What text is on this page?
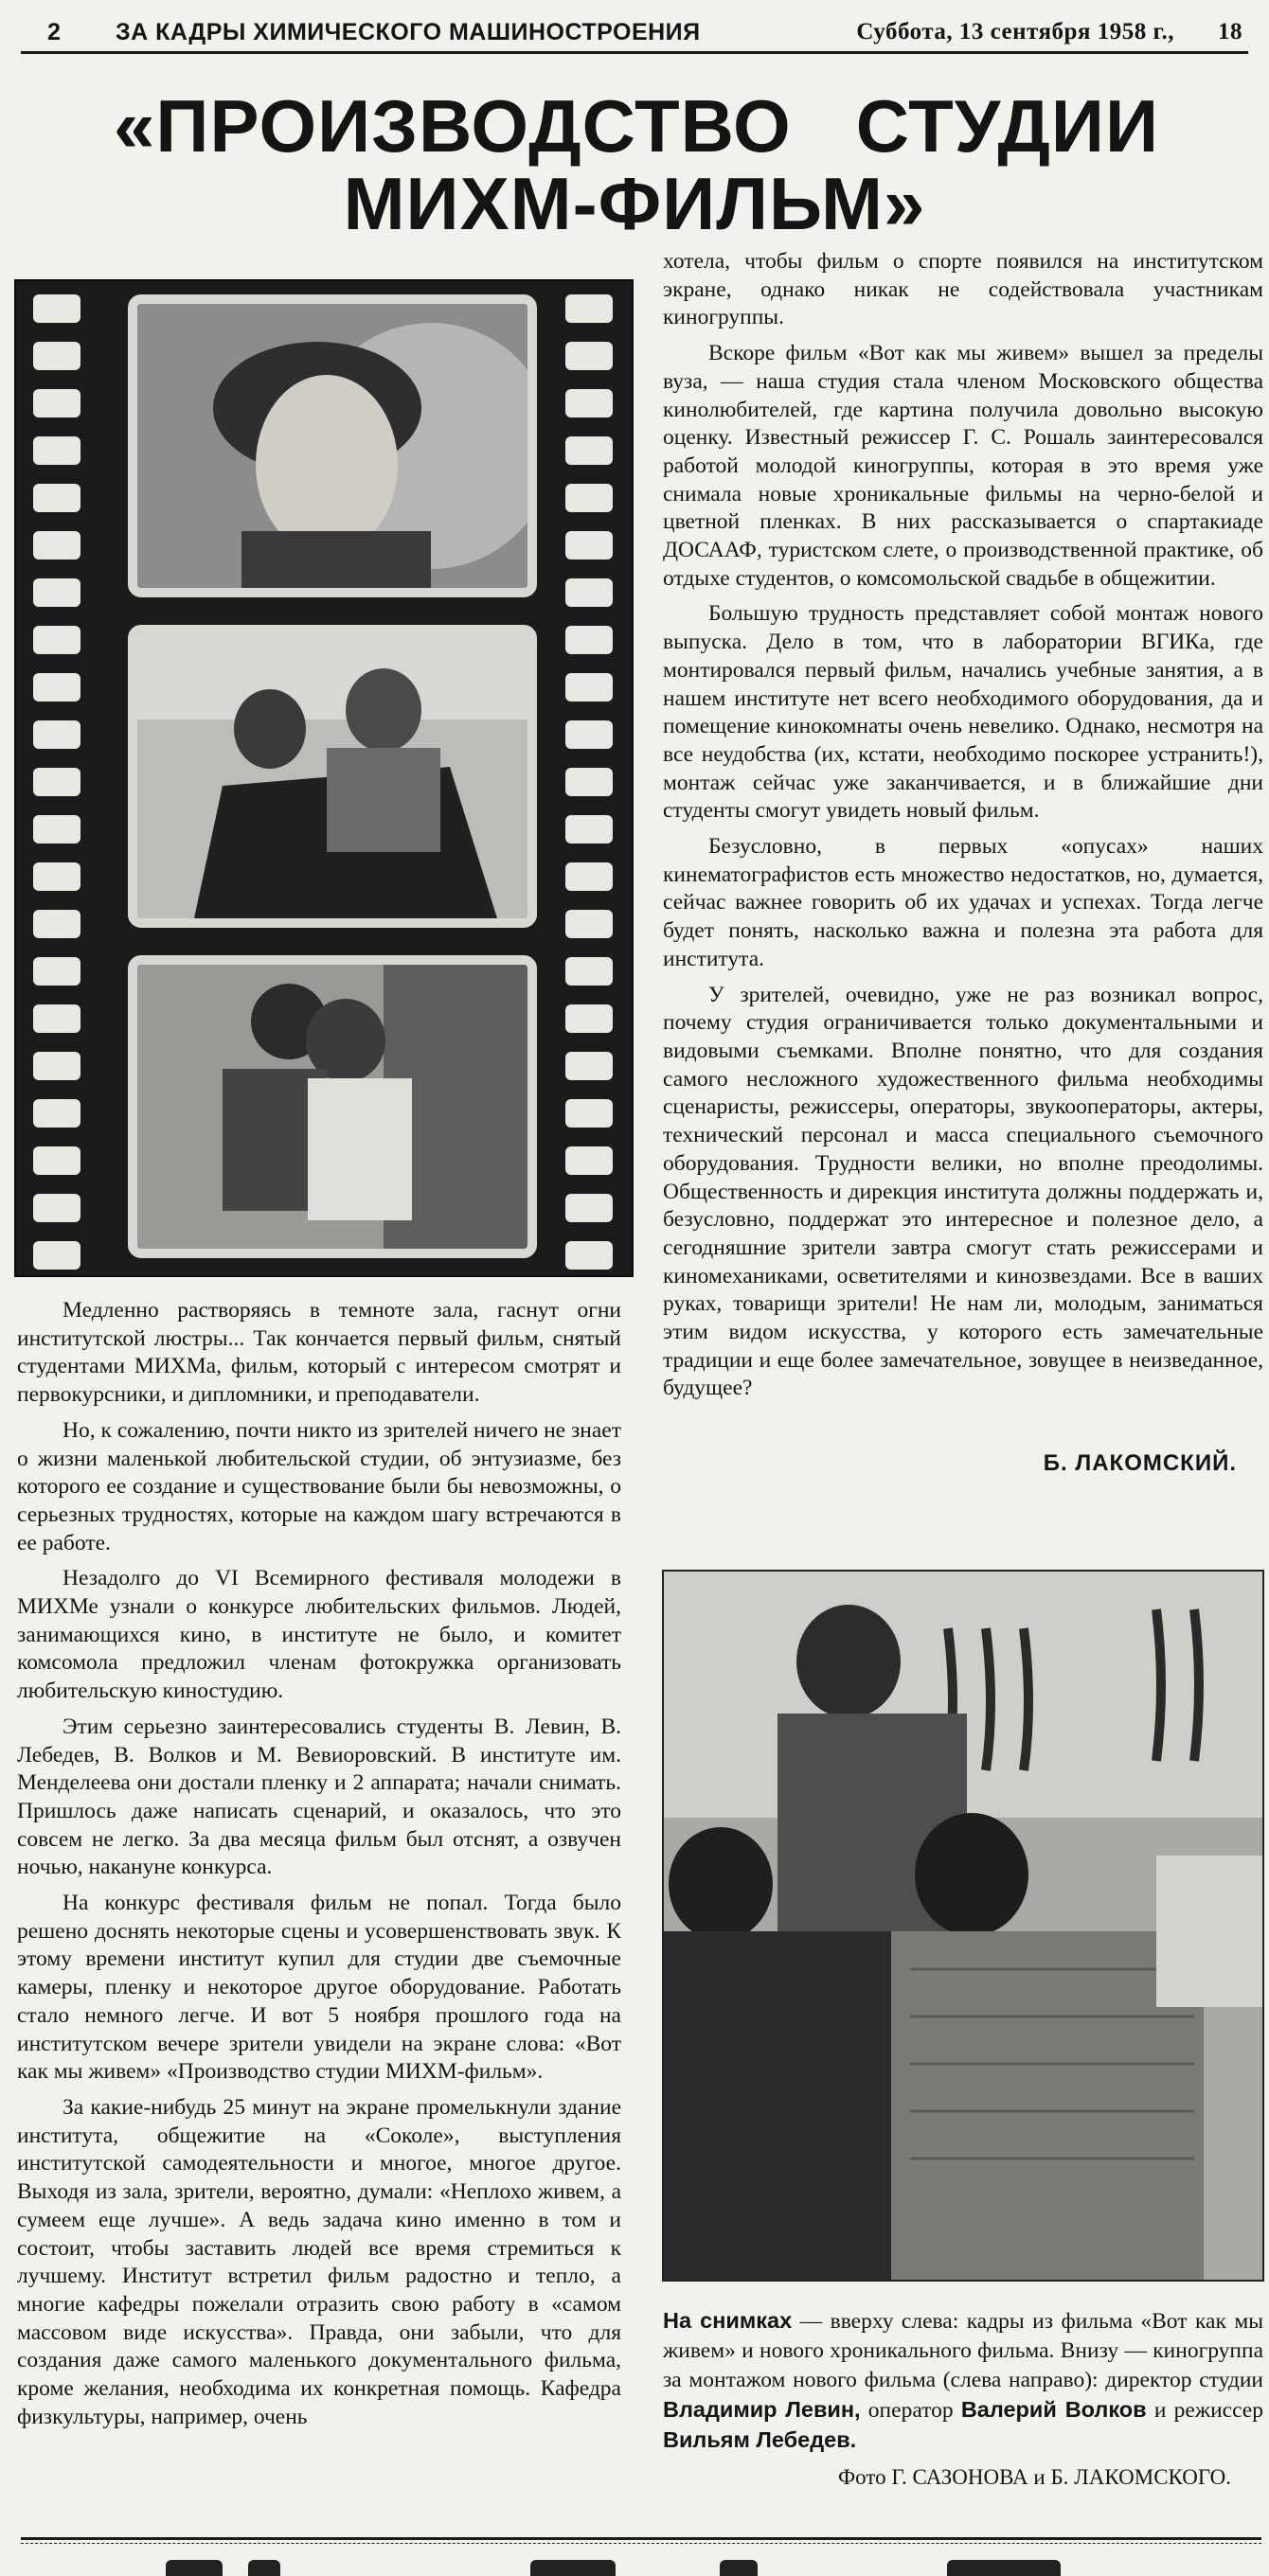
2 ЗА КАДРЫ ХИМИЧЕСКОГО МАШИНОСТРОЕНИЯ	Суббота, 13 сентября 1958 г., 18
«ПРОИЗВОДСТВО   СТУДИИ
МИХМ-ФИЛЬМ»

Медленно растворяясь в темноте зала, гаснут огни институтской люстры... Так кончается первый фильм, снятый студентами МИХМа, фильм, который с интересом смотрят и первокурсники, и дипломники, и преподаватели.

Но, к сожалению, почти никто из зрителей ничего не знает о жизни маленькой любительской студии, об энтузиазме, без которого ее создание и существование были бы невозможны, о серьезных трудностях, которые на каждом шагу встречаются в ее работе.

Незадолго до VI Всемирного фестиваля молодежи в МИХМе узнали о конкурсе любительских фильмов. Людей, занимающихся кино, в институте не было, и комитет комсомола предложил членам фотокружка организовать любительскую киностудию.

Этим серьезно заинтересовались студенты В. Левин, В. Лебедев, В. Волков и М. Вевиоровский. В институте им. Менделеева они достали пленку и 2 аппарата; начали снимать. Пришлось даже написать сценарий, и оказалось, что это совсем не легко. За два месяца фильм был отснят, а озвучен ночью, накануне конкурса.

На конкурс фестиваля фильм не попал. Тогда было решено доснять некоторые сцены и усовершенствовать звук. К этому времени институт купил для студии две съемочные камеры, пленку и некоторое другое оборудование. Работать стало немного легче. И вот 5 ноября прошлого года на институтском вечере зрители увидели на экране слова: «Вот как мы живем» «Производство студии МИХМ-фильм».

За какие-нибудь 25 минут на экране промелькнули здание института, общежитие на «Соколе», выступления институтской самодеятельности и многое, многое другое. Выходя из зала, зрители, вероятно, думали: «Неплохо живем, а сумеем еще лучше». А ведь задача кино именно в том и состоит, чтобы заставить людей все время стремиться к лучшему. Институт встретил фильм радостно и тепло, а многие кафедры пожелали отразить свою работу в «самом массовом виде искусства». Правда, они забыли, что для создания даже самого маленького документального фильма, кроме желания, необходима их конкретная помощь. Кафедра физкультуры, например, очень

хотела, чтобы фильм о спорте появился на институтском экране, однако никак не содействовала участникам киногруппы.

Вскоре фильм «Вот как мы живем» вышел за пределы вуза, — наша студия стала членом Московского общества кинолюбителей, где картина получила довольно высокую оценку. Известный режиссер Г. С. Рошаль заинтересовался работой молодой киногруппы, которая в это время уже снимала новые хроникальные фильмы на черно-белой и цветной пленках. В них рассказывается о спартакиаде ДОСААФ, туристском слете, о производственной практике, об отдыхе студентов, о комсомольской свадьбе в общежитии.

Большую трудность представляет собой монтаж нового выпуска. Дело в том, что в лаборатории ВГИКа, где монтировался первый фильм, начались учебные занятия, а в нашем институте нет всего необходимого оборудования, да и помещение кинокомнаты очень невелико. Однако, несмотря на все неудобства (их, кстати, необходимо поскорее устранить!), монтаж сейчас уже заканчивается, и в ближайшие дни студенты смогут увидеть новый фильм.

Безусловно, в первых «опусах» наших кинематографистов есть множество недостатков, но, думается, сейчас важнее говорить об их удачах и успехах. Тогда легче будет понять, насколько важна и полезна эта работа для института.

У зрителей, очевидно, уже не раз возникал вопрос, почему студия ограничивается только документальными и видовыми съемками. Вполне понятно, что для создания самого несложного художественного фильма необходимы сценаристы, режиссеры, операторы, звукооператоры, актеры, технический персонал и масса специального съемочного оборудования. Трудности велики, но вполне преодолимы. Общественность и дирекция института должны поддержать и, безусловно, поддержат это интересное и полезное дело, а сегодняшние зрители завтра смогут стать режиссерами и киномеханиками, осветителями и кинозвездами. Все в ваших руках, товарищи зрители! Не нам ли, молодым, заниматься этим видом искусства, у которого есть замечательные традиции и еще более замечательное, зовущее в неизведанное, будущее?

Б. ЛАКОМСКИЙ.
На снимках — вверху слева: кадры из фильма «Вот как мы живем» и нового хроникального фильма. Внизу — киногруппа за монтажом нового фильма (слева направо): директор студии Владимир Левин, оператор Валерий Волков и режиссер Вильям Лебедев.
Фото Г. САЗОНОВА и Б. ЛАКОМСКОГО.
